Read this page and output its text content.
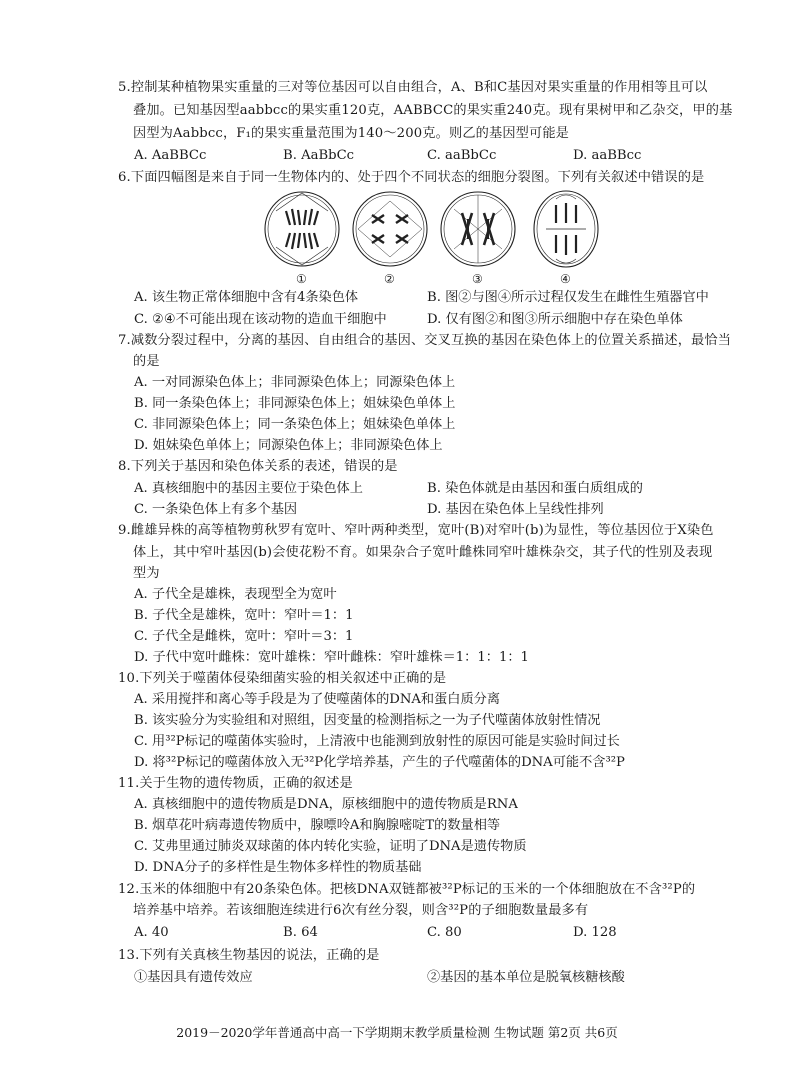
5.控制某种植物果实重量的三对等位基因可以自由组合，A、B和C基因对果实重量的作用相等且可以
叠加。已知基因型aabbcc的果实重120克，AABBCC的果实重240克。现有果树甲和乙杂交，甲的基
因型为Aabbcc，F₁的果实重量范围为140～200克。则乙的基因型可能是
A. AaBBCc	B. AaBbCc	C. aaBbCc	D. aaBBcc
6.下面四幅图是来自于同一生物体内的、处于四个不同状态的细胞分裂图。下列有关叙述中错误的是
①	②	③	④
A. 该生物正常体细胞中含有4条染色体	B. 图②与图④所示过程仅发生在雌性生殖器官中
C. ②④不可能出现在该动物的造血干细胞中	D. 仅有图②和图③所示细胞中存在染色单体
7.减数分裂过程中，分离的基因、自由组合的基因、交叉互换的基因在染色体上的位置关系描述，最恰当
的是
A. 一对同源染色体上；非同源染色体上；同源染色体上
B. 同一条染色体上；非同源染色体上；姐妹染色单体上
C. 非同源染色体上；同一条染色体上；姐妹染色单体上
D. 姐妹染色单体上；同源染色体上；非同源染色体上
8.下列关于基因和染色体关系的表述，错误的是
A. 真核细胞中的基因主要位于染色体上	B. 染色体就是由基因和蛋白质组成的
C. 一条染色体上有多个基因	D. 基因在染色体上呈线性排列
9.雌雄异株的高等植物剪秋罗有宽叶、窄叶两种类型，宽叶(B)对窄叶(b)为显性，等位基因位于X染色
体上，其中窄叶基因(b)会使花粉不育。如果杂合子宽叶雌株同窄叶雄株杂交，其子代的性别及表现
型为
A. 子代全是雄株，表现型全为宽叶
B. 子代全是雄株，宽叶：窄叶＝1：1
C. 子代全是雌株，宽叶：窄叶＝3：1
D. 子代中宽叶雌株：宽叶雄株：窄叶雌株：窄叶雄株＝1：1：1：1
10.下列关于噬菌体侵染细菌实验的相关叙述中正确的是
A. 采用搅拌和离心等手段是为了使噬菌体的DNA和蛋白质分离
B. 该实验分为实验组和对照组，因变量的检测指标之一为子代噬菌体放射性情况
C. 用³²P标记的噬菌体实验时，上清液中也能测到放射性的原因可能是实验时间过长
D. 将³²P标记的噬菌体放入无³²P化学培养基，产生的子代噬菌体的DNA可能不含³²P
11.关于生物的遗传物质，正确的叙述是
A. 真核细胞中的遗传物质是DNA，原核细胞中的遗传物质是RNA
B. 烟草花叶病毒遗传物质中，腺嘌呤A和胸腺嘧啶T的数量相等
C. 艾弗里通过肺炎双球菌的体内转化实验，证明了DNA是遗传物质
D. DNA分子的多样性是生物体多样性的物质基础
12.玉米的体细胞中有20条染色体。把核DNA双链都被³²P标记的玉米的一个体细胞放在不含³²P的
培养基中培养。若该细胞连续进行6次有丝分裂，则含³²P的子细胞数量最多有
A. 40	B. 64	C. 80	D. 128
13.下列有关真核生物基因的说法，正确的是
①基因具有遗传效应	②基因的基本单位是脱氧核糖核酸
2019－2020学年普通高中高一下学期期末教学质量检测 生物试题 第2页 共6页
